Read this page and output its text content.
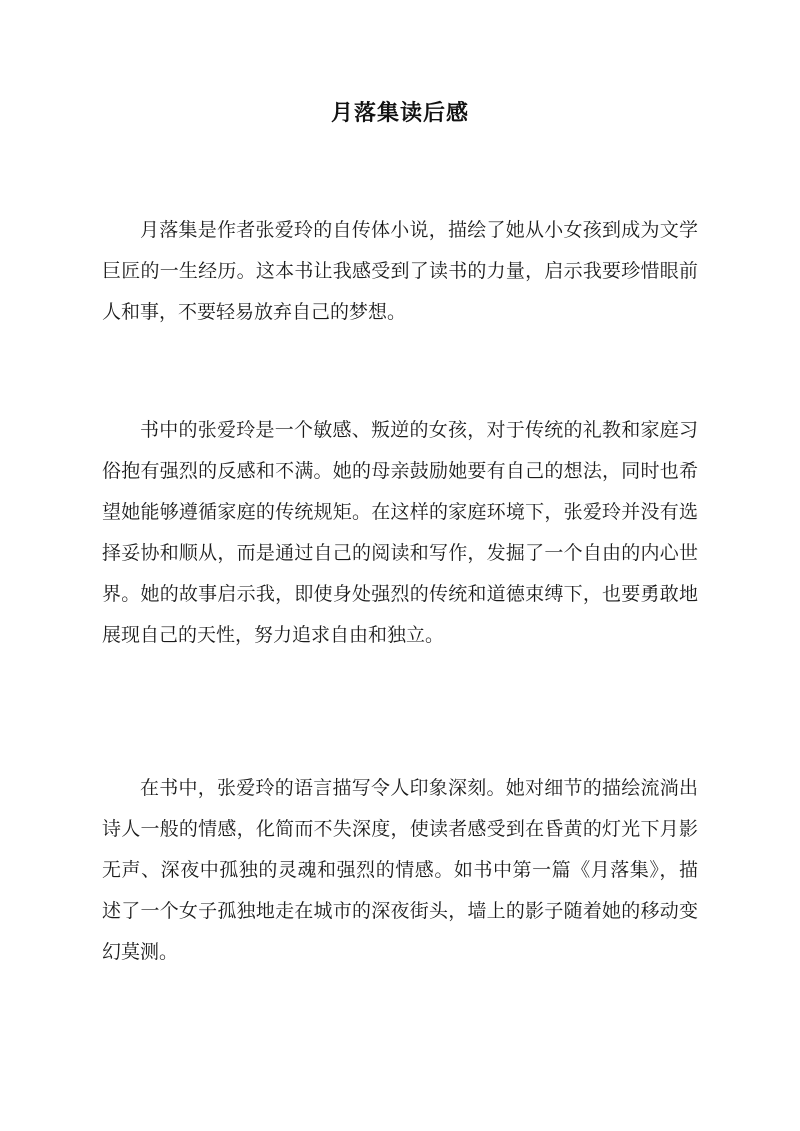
月落集读后感

月落集是作者张爱玲的自传体小说，描绘了她从小女孩到成为文学巨匠的一生经历。这本书让我感受到了读书的力量，启示我要珍惜眼前人和事，不要轻易放弃自己的梦想。

书中的张爱玲是一个敏感、叛逆的女孩，对于传统的礼教和家庭习俗抱有强烈的反感和不满。她的母亲鼓励她要有自己的想法，同时也希望她能够遵循家庭的传统规矩。在这样的家庭环境下，张爱玲并没有选择妥协和顺从，而是通过自己的阅读和写作，发掘了一个自由的内心世界。她的故事启示我，即使身处强烈的传统和道德束缚下，也要勇敢地展现自己的天性，努力追求自由和独立。

在书中，张爱玲的语言描写令人印象深刻。她对细节的描绘流淌出诗人一般的情感，化简而不失深度，使读者感受到在昏黄的灯光下月影无声、深夜中孤独的灵魂和强烈的情感。如书中第一篇《月落集》，描述了一个女子孤独地走在城市的深夜街头，墙上的影子随着她的移动变幻莫测。
